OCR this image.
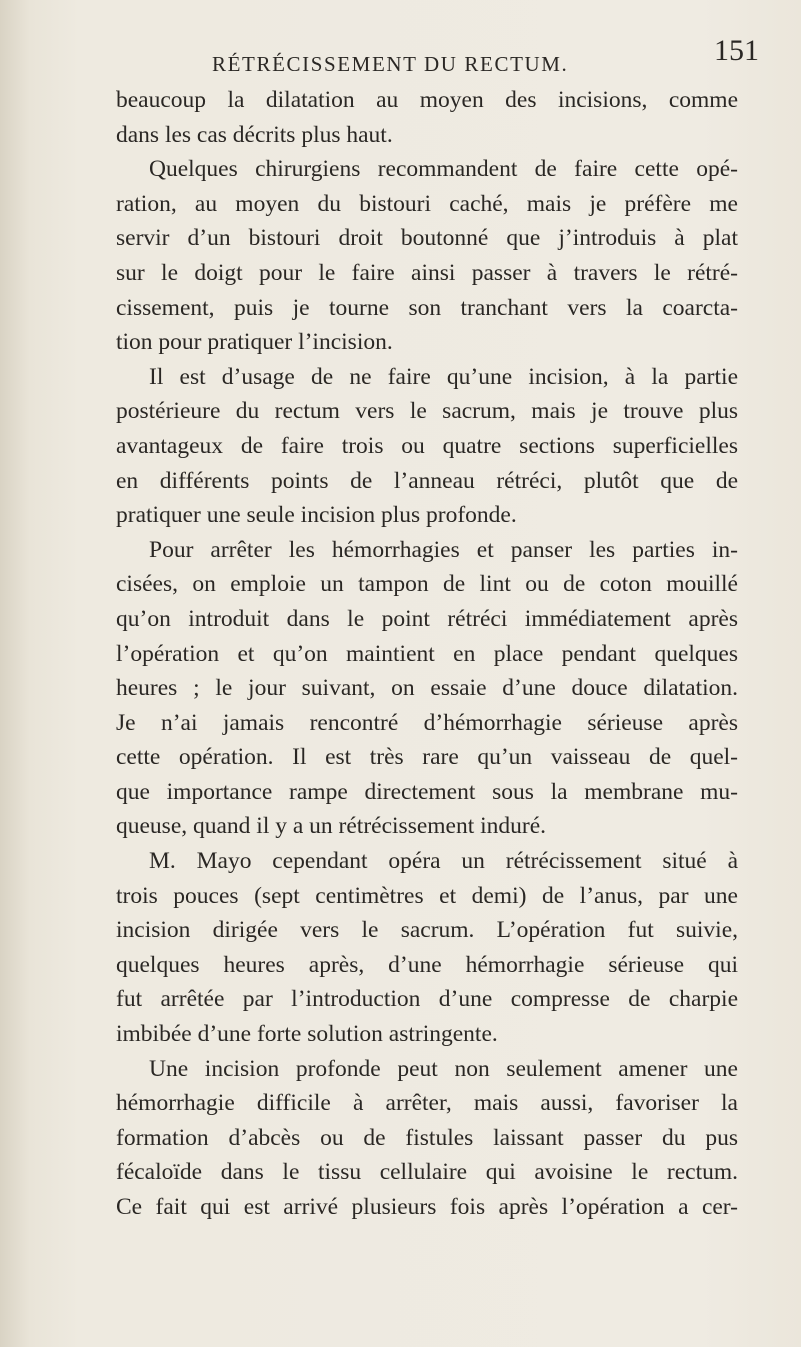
RÉTRÉCISSEMENT DU RECTUM.	151
beaucoup la dilatation au moyen des incisions, comme
dans les cas décrits plus haut.
Quelques chirurgiens recommandent de faire cette opé-
ration, au moyen du bistouri caché, mais je préfère me
servir d’un bistouri droit boutonné que j’introduis à plat
sur le doigt pour le faire ainsi passer à travers le rétré-
cissement, puis je tourne son tranchant vers la coarcta-
tion pour pratiquer l’incision.
Il est d’usage de ne faire qu’une incision, à la partie
postérieure du rectum vers le sacrum, mais je trouve plus
avantageux de faire trois ou quatre sections superficielles
en différents points de l’anneau rétréci, plutôt que de
pratiquer une seule incision plus profonde.
Pour arrêter les hémorrhagies et panser les parties in-
cisées, on emploie un tampon de lint ou de coton mouillé
qu’on introduit dans le point rétréci immédiatement après
l’opération et qu’on maintient en place pendant quelques
heures ; le jour suivant, on essaie d’une douce dilatation.
Je n’ai jamais rencontré d’hémorrhagie sérieuse après
cette opération. Il est très rare qu’un vaisseau de quel-
que importance rampe directement sous la membrane mu-
queuse, quand il y a un rétrécissement induré.
M. Mayo cependant opéra un rétrécissement situé à
trois pouces (sept centimètres et demi) de l’anus, par une
incision dirigée vers le sacrum. L’opération fut suivie,
quelques heures après, d’une hémorrhagie sérieuse qui
fut arrêtée par l’introduction d’une compresse de charpie
imbibée d’une forte solution astringente.
Une incision profonde peut non seulement amener une
hémorrhagie difficile à arrêter, mais aussi, favoriser la
formation d’abcès ou de fistules laissant passer du pus
fécaloïde dans le tissu cellulaire qui avoisine le rectum.
Ce fait qui est arrivé plusieurs fois après l’opération a cer-
